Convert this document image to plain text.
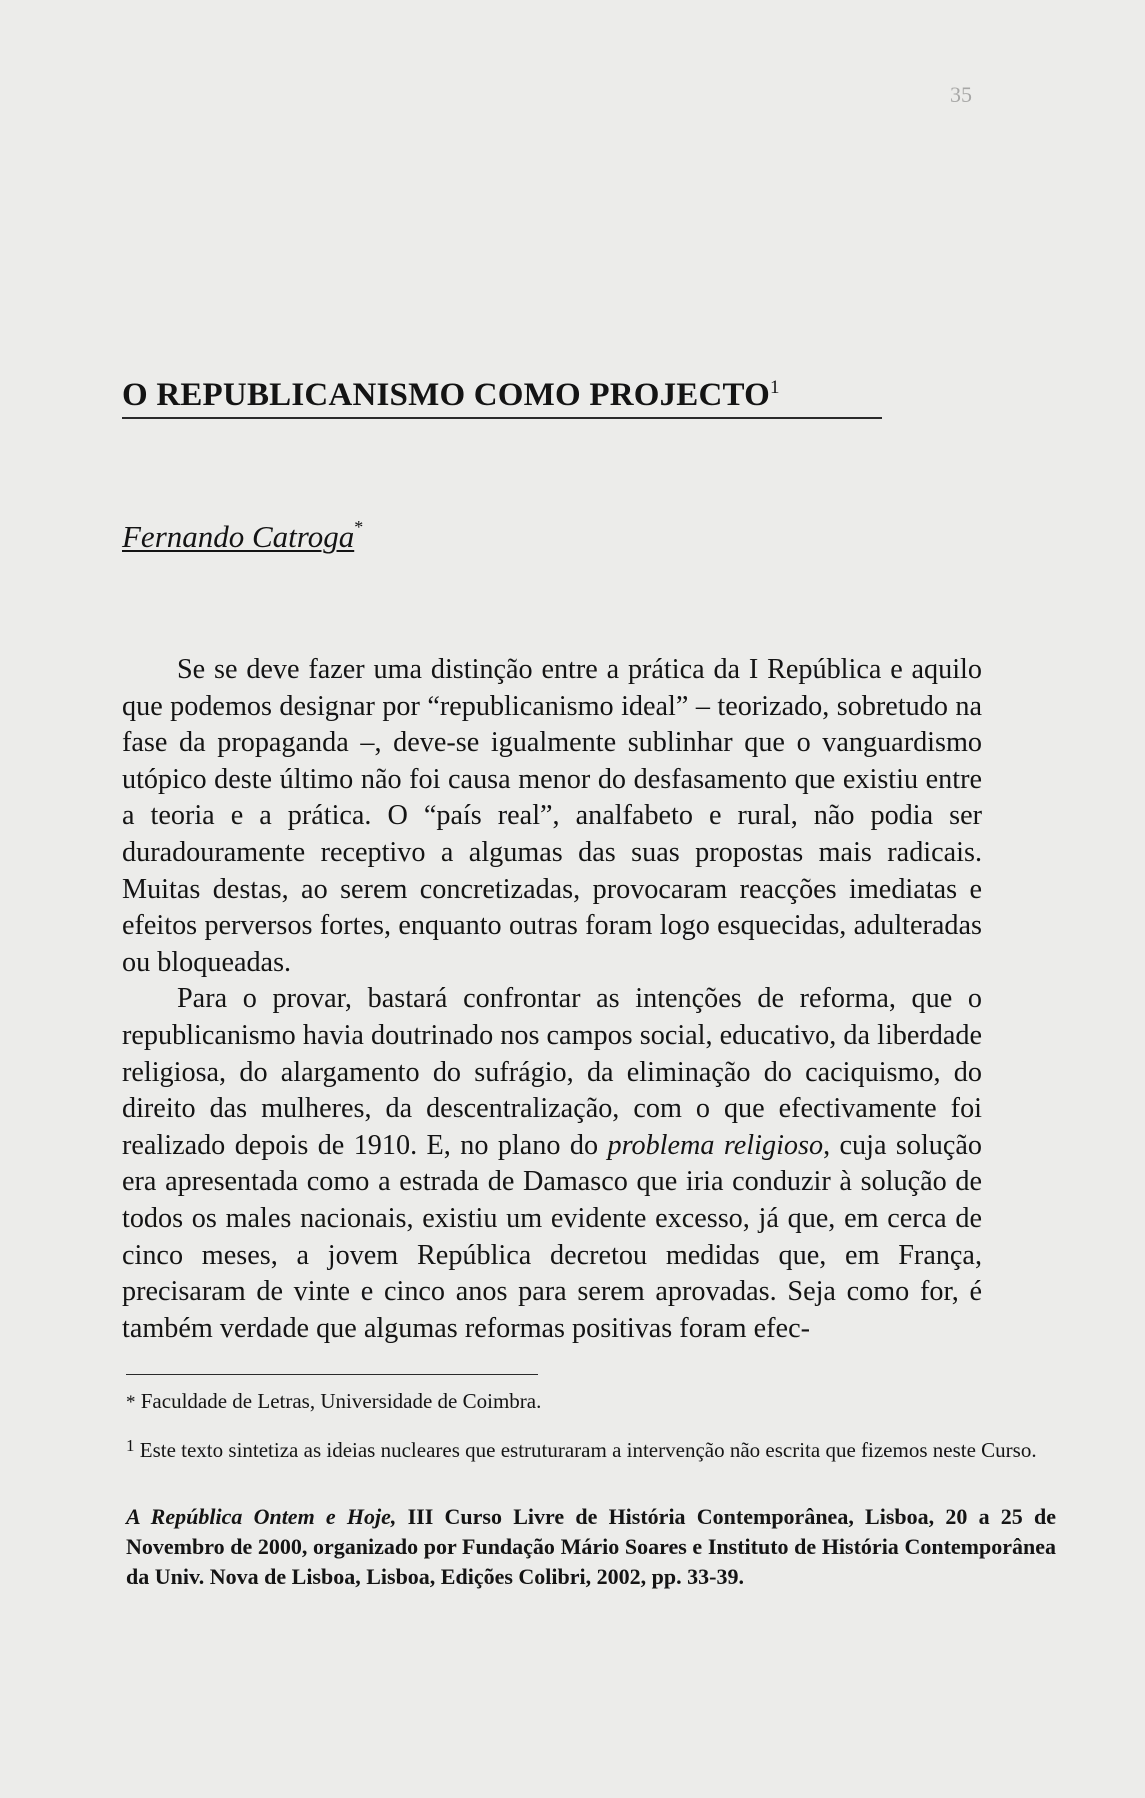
35
O REPUBLICANISMO COMO PROJECTO$^1$
Fernando Catroga*

Se se deve fazer uma distinção entre a prática da I República e aquilo que podemos designar por “republicanismo ideal” – teorizado, sobretudo na fase da propaganda –, deve-se igualmente sublinhar que o vanguardismo utópico deste último não foi causa menor do desfasamento que existiu entre a teoria e a prática. O “país real”, analfabeto e rural, não podia ser duradouramente receptivo a algumas das suas propostas mais radicais. Muitas destas, ao serem concretizadas, provocaram reacções imediatas e efeitos perversos fortes, enquanto outras foram logo esquecidas, adulteradas ou bloqueadas.

Para o provar, bastará confrontar as intenções de reforma, que o republicanismo havia doutrinado nos campos social, educativo, da liberdade religiosa, do alargamento do sufrágio, da eliminação do caciquismo, do direito das mulheres, da descentralização, com o que efectivamente foi realizado depois de 1910. E, no plano do problema religioso, cuja solução era apresentada como a estrada de Damasco que iria conduzir à solução de todos os males nacionais, existiu um evidente excesso, já que, em cerca de cinco meses, a jovem República decretou medidas que, em França, precisaram de vinte e cinco anos para serem aprovadas. Seja como for, é também verdade que algumas reformas positivas foram efec-

* Faculdade de Letras, Universidade de Coimbra.
$^1$ Este texto sintetiza as ideias nucleares que estruturaram a intervenção não escrita que fizemos neste Curso.
A República Ontem e Hoje, III Curso Livre de História Contemporânea, Lisboa, 20 a 25 de Novembro de 2000, organizado por Fundação Mário Soares e Instituto de História Contemporânea da Univ. Nova de Lisboa, Lisboa, Edições Colibri, 2002, pp. 33-39.
